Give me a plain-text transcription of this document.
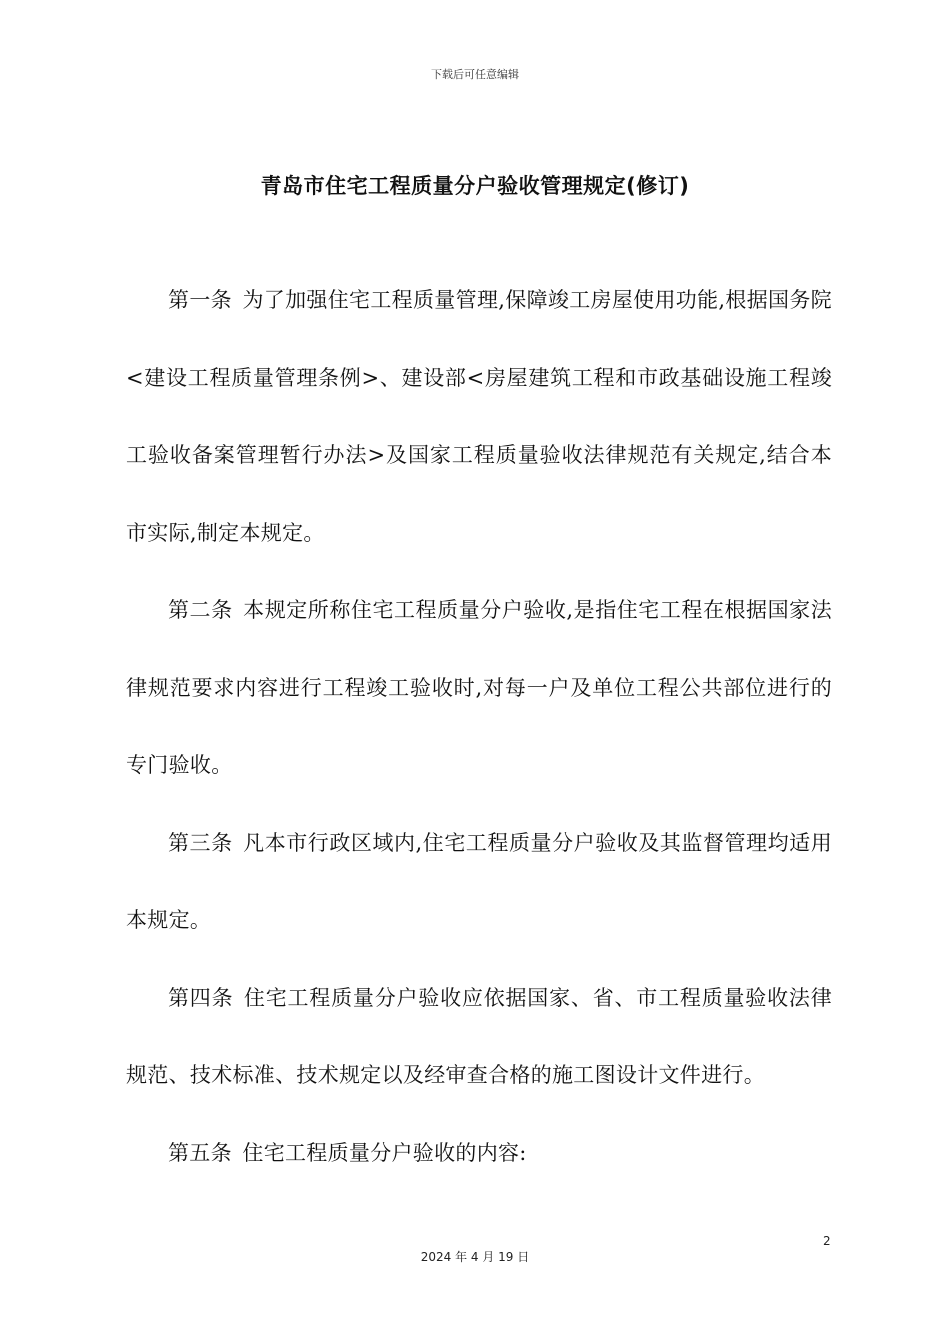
下载后可任意编辑
青岛市住宅工程质量分户验收管理规定(修订)

第一条 为了加强住宅工程质量管理,保障竣工房屋使用功能,根据国务院<建设工程质量管理条例>、建设部<房屋建筑工程和市政基础设施工程竣工验收备案管理暂行办法>及国家工程质量验收法律规范有关规定,结合本市实际,制定本规定。

第二条 本规定所称住宅工程质量分户验收,是指住宅工程在根据国家法律规范要求内容进行工程竣工验收时,对每一户及单位工程公共部位进行的专门验收。

第三条 凡本市行政区域内,住宅工程质量分户验收及其监督管理均适用本规定。

第四条 住宅工程质量分户验收应依据国家、省、市工程质量验收法律规范、技术标准、技术规定以及经审查合格的施工图设计文件进行。

第五条 住宅工程质量分户验收的内容:

2
2024 年 4 月 19 日
